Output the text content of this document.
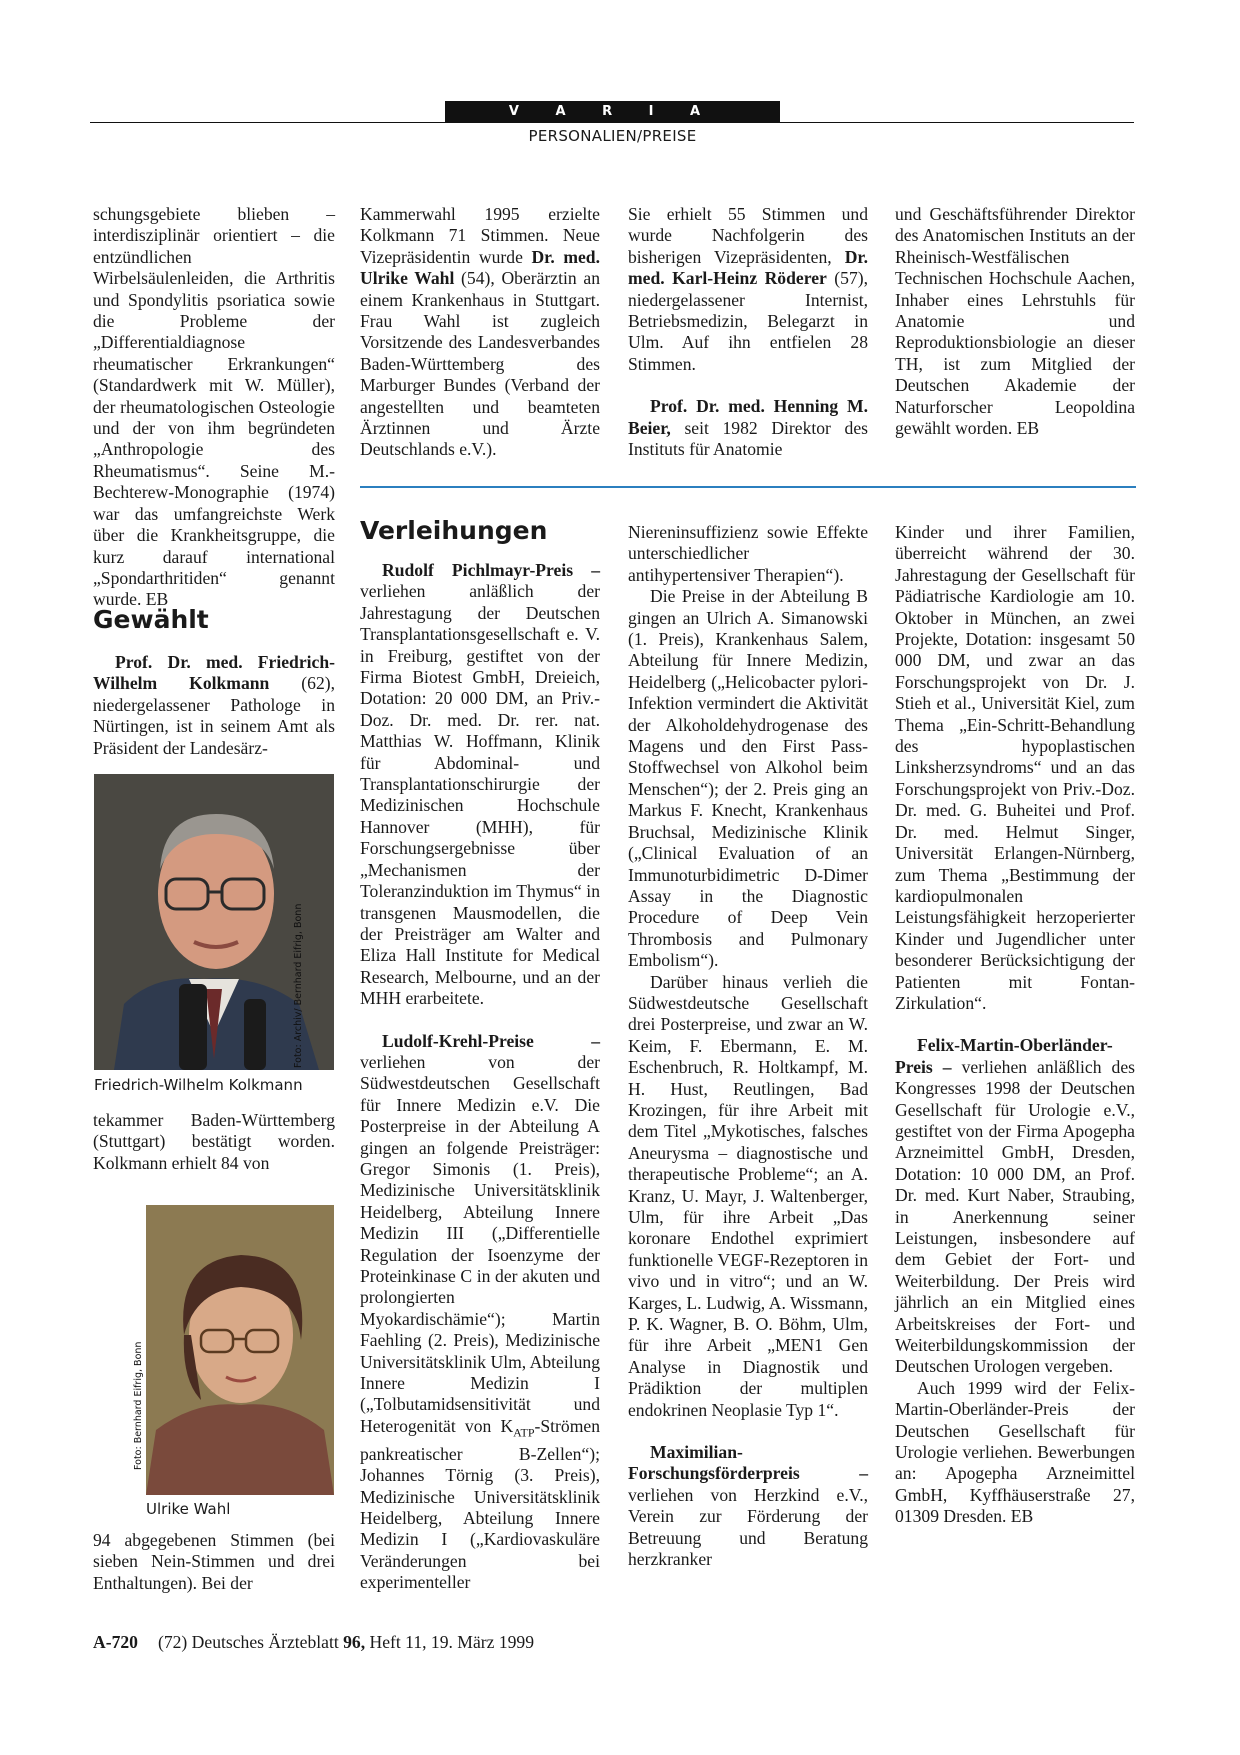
V A R I A
PERSONALIEN/PREISE

schungsgebiete blieben – interdisziplinär orientiert – die entzündlichen Wirbelsäulenleiden, die Arthritis und Spondylitis psoriatica sowie die Probleme der „Differentialdiagnose rheumatischer Erkrankungen“ (Standardwerk mit W. Müller), der rheumatologischen Osteologie und der von ihm begründeten „Anthropologie des Rheumatismus“. Seine M.-Bechterew-Monographie (1974) war das umfangreichste Werk über die Krankheitsgruppe, die kurz darauf international „Spondarthritiden“ genannt wurde. EB

Gewählt

Prof. Dr. med. Friedrich-Wilhelm Kolkmann (62), niedergelassener Pathologe in Nürtingen, ist in seinem Amt als Präsident der Landesärz-

Foto: Archiv/ Bernhard Eifrig, Bonn
Friedrich-Wilhelm Kolkmann

tekammer Baden-Württemberg (Stuttgart) bestätigt worden. Kolkmann erhielt 84 von

Foto: Bernhard Eifrig, Bonn
Ulrike Wahl

94 abgegebenen Stimmen (bei sieben Nein-Stimmen und drei Enthaltungen). Bei der

Kammerwahl 1995 erzielte Kolkmann 71 Stimmen. Neue Vizepräsidentin wurde Dr. med. Ulrike Wahl (54), Oberärztin an einem Krankenhaus in Stuttgart. Frau Wahl ist zugleich Vorsitzende des Landesverbandes Baden-Württemberg des Marburger Bundes (Verband der angestellten und beamteten Ärztinnen und Ärzte Deutschlands e.V.).

Sie erhielt 55 Stimmen und wurde Nachfolgerin des bisherigen Vizepräsidenten, Dr. med. Karl-Heinz Röderer (57), niedergelassener Internist, Betriebsmedizin, Belegarzt in Ulm. Auf ihn entfielen 28 Stimmen.

Prof. Dr. med. Henning M. Beier, seit 1982 Direktor des Instituts für Anatomie

und Geschäftsführender Direktor des Anatomischen Instituts an der Rheinisch-Westfälischen Technischen Hochschule Aachen, Inhaber eines Lehrstuhls für Anatomie und Reproduktionsbiologie an dieser TH, ist zum Mitglied der Deutschen Akademie der Naturforscher Leopoldina gewählt worden. EB

Verleihungen

Rudolf Pichlmayr-Preis – verliehen anläßlich der Jahrestagung der Deutschen Transplantationsgesellschaft e. V. in Freiburg, gestiftet von der Firma Biotest GmbH, Dreieich, Dotation: 20 000 DM, an Priv.-Doz. Dr. med. Dr. rer. nat. Matthias W. Hoffmann, Klinik für Abdominal- und Transplantationschirurgie der Medizinischen Hochschule Hannover (MHH), für Forschungsergebnisse über „Mechanismen der Toleranzinduktion im Thymus“ in transgenen Mausmodellen, die der Preisträger am Walter and Eliza Hall Institute for Medical Research, Melbourne, und an der MHH erarbeitete.

Ludolf-Krehl-Preise – verliehen von der Südwestdeutschen Gesellschaft für Innere Medizin e.V. Die Posterpreise in der Abteilung A gingen an folgende Preisträger: Gregor Simonis (1. Preis), Medizinische Universitätsklinik Heidelberg, Abteilung Innere Medizin III („Differentielle Regulation der Isoenzyme der Proteinkinase C in der akuten und prolongierten Myokardischämie“); Martin Faehling (2. Preis), Medizinische Universitätsklinik Ulm, Abteilung Innere Medizin I („Tolbutamidsensitivität und Heterogenität von $K_{ATP}$-Strömen pankreatischer B-Zellen“); Johannes Törnig (3. Preis), Medizinische Universitätsklinik Heidelberg, Abteilung Innere Medizin I („Kardiovaskuläre Veränderungen bei experimenteller

Niereninsuffizienz sowie Effekte unterschiedlicher antihypertensiver Therapien“).

Die Preise in der Abteilung B gingen an Ulrich A. Simanowski (1. Preis), Krankenhaus Salem, Abteilung für Innere Medizin, Heidelberg („Helicobacter pylori-Infektion vermindert die Aktivität der Alkoholdehydrogenase des Magens und den First Pass-Stoffwechsel von Alkohol beim Menschen“); der 2. Preis ging an Markus F. Knecht, Krankenhaus Bruchsal, Medizinische Klinik („Clinical Evaluation of an Immunoturbidimetric D-Dimer Assay in the Diagnostic Procedure of Deep Vein Thrombosis and Pulmonary Embolism“).

Darüber hinaus verlieh die Südwestdeutsche Gesellschaft drei Posterpreise, und zwar an W. Keim, F. Ebermann, E. M. Eschenbruch, R. Holtkampf, M. H. Hust, Reutlingen, Bad Krozingen, für ihre Arbeit mit dem Titel „Mykotisches, falsches Aneurysma – diagnostische und therapeutische Probleme“; an A. Kranz, U. Mayr, J. Waltenberger, Ulm, für ihre Arbeit „Das koronare Endothel exprimiert funktionelle VEGF-Rezeptoren in vivo und in vitro“; und an W. Karges, L. Ludwig, A. Wissmann, P. K. Wagner, B. O. Böhm, Ulm, für ihre Arbeit „MEN1 Gen Analyse in Diagnostik und Prädiktion der multiplen endokrinen Neoplasie Typ 1“.

Maximilian-Forschungsförderpreis – verliehen von Herzkind e.V., Verein zur Förderung der Betreuung und Beratung herzkranker

Kinder und ihrer Familien, überreicht während der 30. Jahrestagung der Gesellschaft für Pädiatrische Kardiologie am 10. Oktober in München, an zwei Projekte, Dotation: insgesamt 50 000 DM, und zwar an das Forschungsprojekt von Dr. J. Stieh et al., Universität Kiel, zum Thema „Ein-Schritt-Behandlung des hypoplastischen Linksherzsyndroms“ und an das Forschungsprojekt von Priv.-Doz. Dr. med. G. Buheitei und Prof. Dr. med. Helmut Singer, Universität Erlangen-Nürnberg, zum Thema „Bestimmung der kardiopulmonalen Leistungsfähigkeit herzoperierter Kinder und Jugendlicher unter besonderer Berücksichtigung der Patienten mit Fontan-Zirkulation“.

Felix-Martin-Oberländer-Preis – verliehen anläßlich des Kongresses 1998 der Deutschen Gesellschaft für Urologie e.V., gestiftet von der Firma Apogepha Arzneimittel GmbH, Dresden, Dotation: 10 000 DM, an Prof. Dr. med. Kurt Naber, Straubing, in Anerkennung seiner Leistungen, insbesondere auf dem Gebiet der Fort- und Weiterbildung. Der Preis wird jährlich an ein Mitglied eines Arbeitskreises der Fort- und Weiterbildungskommission der Deutschen Urologen vergeben.

Auch 1999 wird der Felix-Martin-Oberländer-Preis der Deutschen Gesellschaft für Urologie verliehen. Bewerbungen an: Apogepha Arzneimittel GmbH, Kyffhäuserstraße 27, 01309 Dresden. EB

A-720 (72) Deutsches Ärzteblatt 96, Heft 11, 19. März 1999
